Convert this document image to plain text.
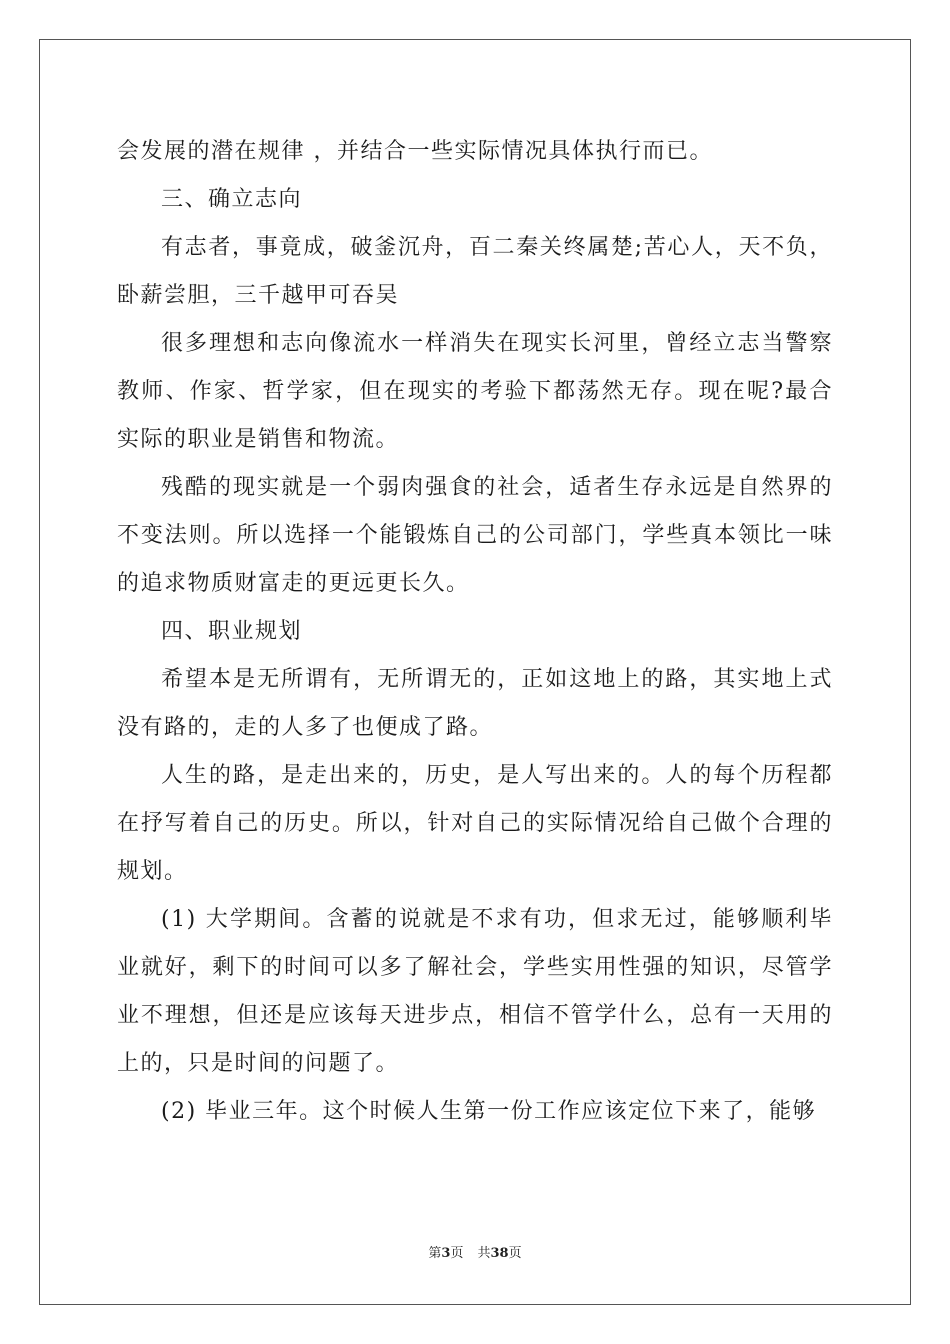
会发展的潜在规律 ，并结合一些实际情况具体执行而已。

三、确立志向

有志者，事竟成，破釜沉舟，百二秦关终属楚;苦心人，天不负，卧薪尝胆，三千越甲可吞吴

很多理想和志向像流水一样消失在现实长河里，曾经立志当警察教师、作家、哲学家，但在现实的考验下都荡然无存。现在呢?最合实际的职业是销售和物流。

残酷的现实就是一个弱肉强食的社会，适者生存永远是自然界的不变法则。所以选择一个能锻炼自己的公司部门，学些真本领比一味的追求物质财富走的更远更长久。

四、职业规划

希望本是无所谓有，无所谓无的，正如这地上的路，其实地上式没有路的，走的人多了也便成了路。

人生的路，是走出来的，历史，是人写出来的。人的每个历程都在抒写着自己的历史。所以，针对自己的实际情况给自己做个合理的规划。

(1) 大学期间。含蓄的说就是不求有功，但求无过，能够顺利毕业就好，剩下的时间可以多了解社会，学些实用性强的知识，尽管学业不理想，但还是应该每天进步点，相信不管学什么，总有一天用的上的，只是时间的问题了。

(2) 毕业三年。这个时候人生第一份工作应该定位下来了，能够

第3页 共38页
